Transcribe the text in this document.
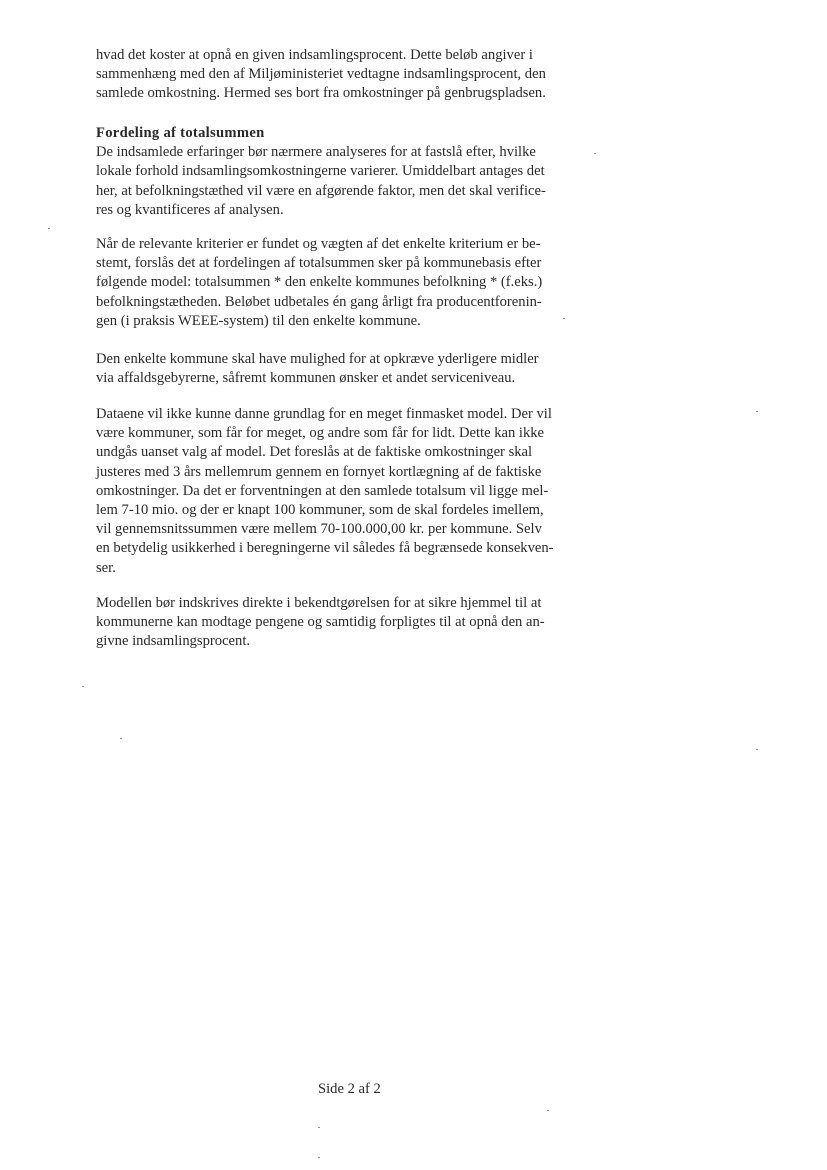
hvad det koster at opnå en given indsamlingsprocent. Dette beløb angiver i
sammenhæng med den af Miljøministeriet vedtagne indsamlingsprocent, den
samlede omkostning. Hermed ses bort fra omkostninger på genbrugspladsen.

Fordeling af totalsummen
De indsamlede erfaringer bør nærmere analyseres for at fastslå efter, hvilke
lokale forhold indsamlingsomkostningerne varierer. Umiddelbart antages det
her, at befolkningstæthed vil være en afgørende faktor, men det skal verifice-
res og kvantificeres af analysen.

Når de relevante kriterier er fundet og vægten af det enkelte kriterium er be-
stemt, forslås det at fordelingen af totalsummen sker på kommunebasis efter
følgende model: totalsummen * den enkelte kommunes befolkning * (f.eks.)
befolkningstætheden. Beløbet udbetales én gang årligt fra producentforenin-
gen (i praksis WEEE-system) til den enkelte kommune.

Den enkelte kommune skal have mulighed for at opkræve yderligere midler
via affaldsgebyrerne, såfremt kommunen ønsker et andet serviceniveau.

Dataene vil ikke kunne danne grundlag for en meget finmasket model. Der vil
være kommuner, som får for meget, og andre som får for lidt. Dette kan ikke
undgås uanset valg af model. Det foreslås at de faktiske omkostninger skal
justeres med 3 års mellemrum gennem en fornyet kortlægning af de faktiske
omkostninger. Da det er forventningen at den samlede totalsum vil ligge mel-
lem 7-10 mio. og der er knapt 100 kommuner, som de skal fordeles imellem,
vil gennemsnitssummen være mellem 70-100.000,00 kr. per kommune. Selv
en betydelig usikkerhed i beregningerne vil således få begrænsede konsekven-
ser.

Modellen bør indskrives direkte i bekendtgørelsen for at sikre hjemmel til at
kommunerne kan modtage pengene og samtidig forpligtes til at opnå den an-
givne indsamlingsprocent.

Side 2 af 2
